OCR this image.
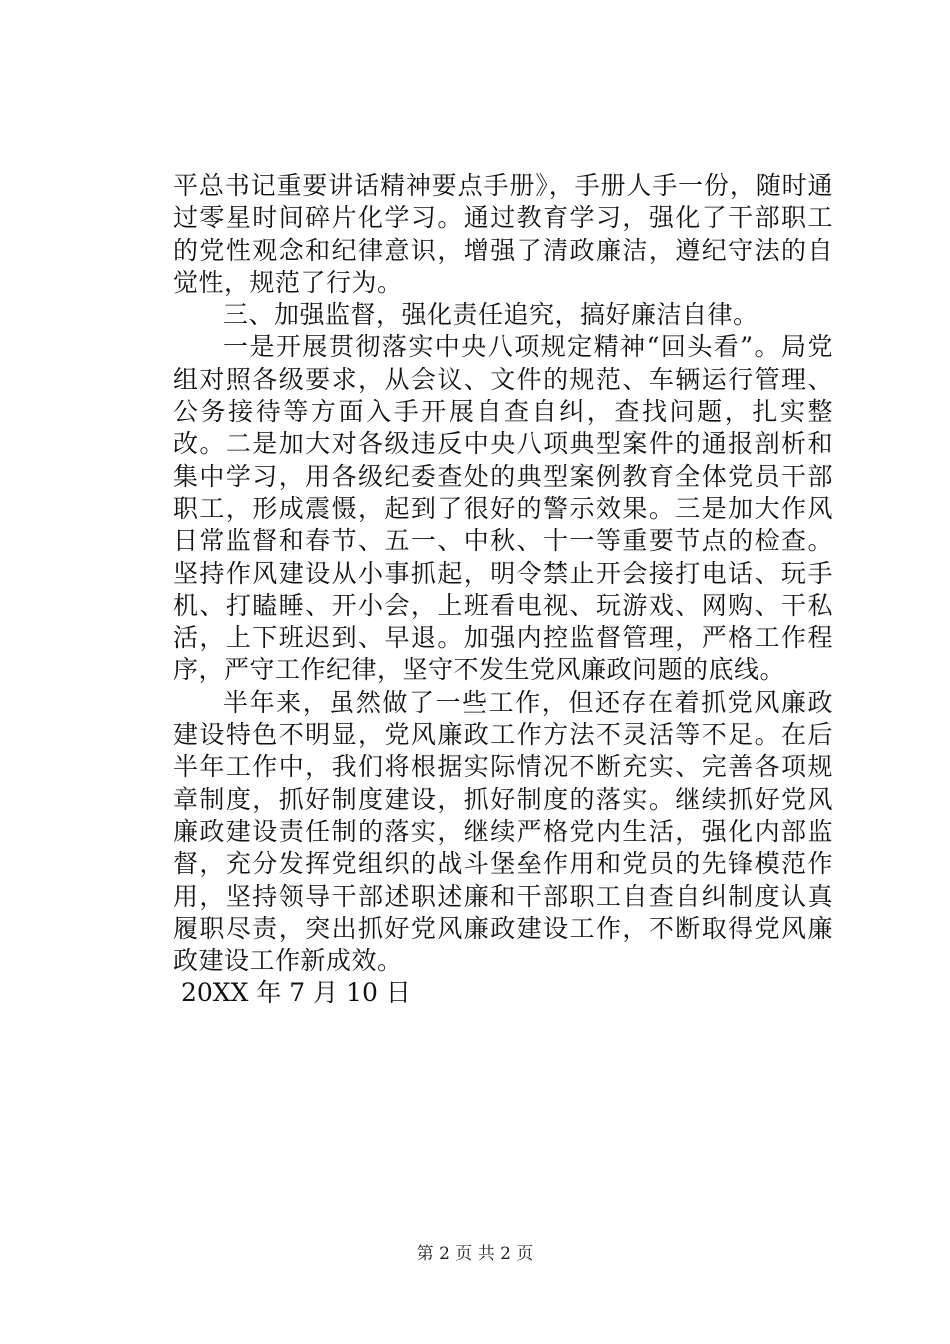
平总书记重要讲话精神要点手册》，手册人手一份，随时通过零星时间碎片化学习。通过教育学习，强化了干部职工的党性观念和纪律意识，增强了清政廉洁，遵纪守法的自觉性，规范了行为。

三、加强监督，强化责任追究，搞好廉洁自律。

一是开展贯彻落实中央八项规定精神“回头看”。局党组对照各级要求，从会议、文件的规范、车辆运行管理、公务接待等方面入手开展自查自纠，查找问题，扎实整改。二是加大对各级违反中央八项典型案件的通报剖析和集中学习，用各级纪委查处的典型案例教育全体党员干部职工，形成震慑，起到了很好的警示效果。三是加大作风日常监督和春节、五一、中秋、十一等重要节点的检查。坚持作风建设从小事抓起，明令禁止开会接打电话、玩手机、打瞌睡、开小会，上班看电视、玩游戏、网购、干私活，上下班迟到、早退。加强内控监督管理，严格工作程序，严守工作纪律，坚守不发生党风廉政问题的底线。

半年来，虽然做了一些工作，但还存在着抓党风廉政建设特色不明显，党风廉政工作方法不灵活等不足。在后半年工作中，我们将根据实际情况不断充实、完善各项规章制度，抓好制度建设，抓好制度的落实。继续抓好党风廉政建设责任制的落实，继续严格党内生活，强化内部监督，充分发挥党组织的战斗堡垒作用和党员的先锋模范作用，坚持领导干部述职述廉和干部职工自查自纠制度认真履职尽责，突出抓好党风廉政建设工作，不断取得党风廉政建设工作新成效。

20XX 年 7 月 10 日

第 2 页 共 2 页
